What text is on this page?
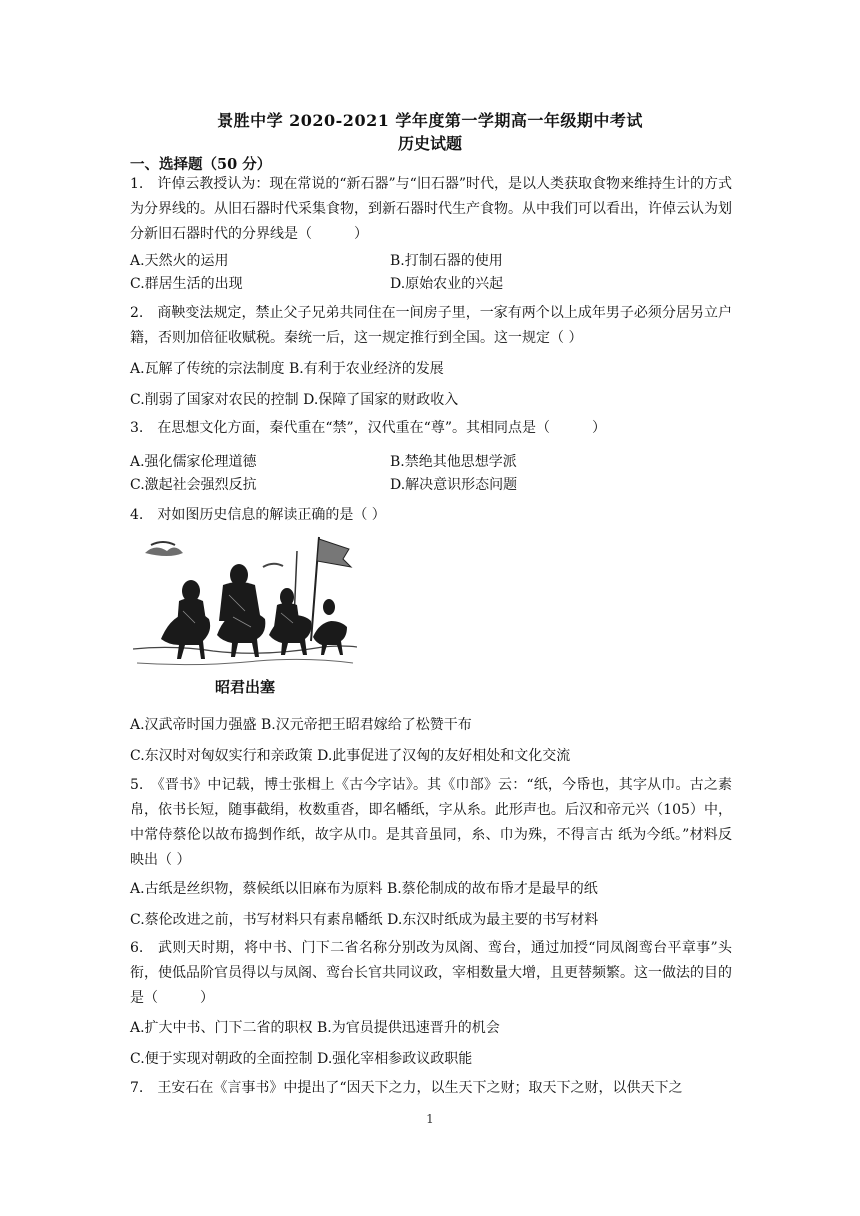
景胜中学 2020-2021 学年度第一学期高一年级期中考试
历史试题
一、选择题（50 分）
1.　许倬云教授认为：现在常说的“新石器”与“旧石器”时代，是以人类获取食物来维持生计的方式为分界线的。从旧石器时代采集食物，到新石器时代生产食物。从中我们可以看出，许倬云认为划分新旧石器时代的分界线是（　　　）
A.天然火的运用	B.打制石器的使用
C.群居生活的出现	D.原始农业的兴起
2.　商鞅变法规定，禁止父子兄弟共同住在一间房子里，一家有两个以上成年男子必须分居另立户籍，否则加倍征收赋税。秦统一后，这一规定推行到全国。这一规定（ ）
A.瓦解了传统的宗法制度 B.有利于农业经济的发展
C.削弱了国家对农民的控制 D.保障了国家的财政收入
3.　在思想文化方面，秦代重在“禁”，汉代重在“尊”。其相同点是（　　　）
A.强化儒家伦理道德	B.禁绝其他思想学派
C.激起社会强烈反抗	D.解决意识形态问题
4.　对如图历史信息的解读正确的是（ ）
昭君出塞
A.汉武帝时国力强盛 B.汉元帝把王昭君嫁给了松赞干布
C.东汉时对匈奴实行和亲政策 D.此事促进了汉匈的友好相处和文化交流
5.　《晋书》中记载，博士张楫上《古今字诂》。其《巾部》云：“纸，今帋也，其字从巾。古之素帛，依书长短，随事截绢，枚数重沓，即名幡纸，字从糸。此形声也。后汉和帝元兴（105）中，中常侍蔡伦以故布捣剉作纸，故字从巾。是其音虽同，糸、巾为殊，不得言古 纸为今纸。”材料反映出（ ）
A.古纸是丝织物，蔡候纸以旧麻布为原料 B.蔡伦制成的故布帋才是最早的纸
C.蔡伦改进之前，书写材料只有素帛幡纸 D.东汉时纸成为最主要的书写材料
6.　武则天时期，将中书、门下二省名称分别改为凤阁、鸾台，通过加授“同凤阁鸾台平章事”头衔，使低品阶官员得以与凤阁、鸾台长官共同议政，宰相数量大增，且更替频繁。这一做法的目的是（　　　）
A.扩大中书、门下二省的职权 B.为官员提供迅速晋升的机会
C.便于实现对朝政的全面控制 D.强化宰相参政议政职能
7.　王安石在《言事书》中提出了“因天下之力，以生天下之财；取天下之财，以供天下之
1
